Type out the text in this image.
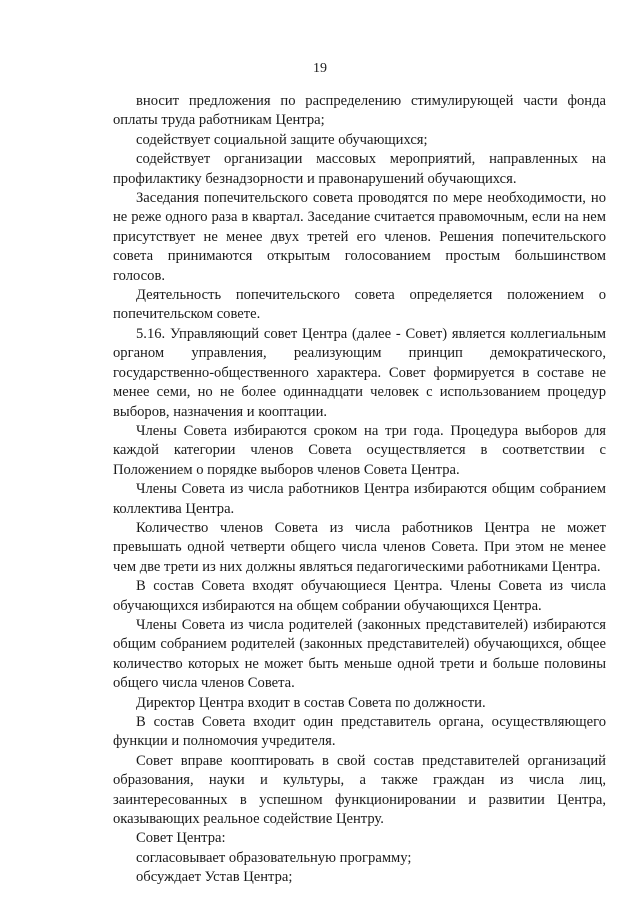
19

вносит предложения по распределению стимулирующей части фонда оплаты труда работникам Центра;

содействует социальной защите обучающихся;

содействует организации массовых мероприятий, направленных на профилактику безнадзорности и правонарушений обучающихся.

Заседания попечительского совета проводятся по мере необходимости, но не реже одного раза в квартал. Заседание считается правомочным, если на нем присутствует не менее двух третей его членов. Решения попечительского совета принимаются открытым голосованием простым большинством голосов.

Деятельность попечительского совета определяется положением о попечительском совете.

5.16. Управляющий совет Центра (далее - Совет) является коллегиальным органом управления, реализующим принцип демократического, государственно-общественного характера. Совет формируется в составе не менее семи, но не более одиннадцати человек с использованием процедур выборов, назначения и кооптации.

Члены Совета избираются сроком на три года. Процедура выборов для каждой категории членов Совета осуществляется в соответствии с Положением о порядке выборов членов Совета Центра.

Члены Совета из числа работников Центра избираются общим собранием коллектива Центра.

Количество членов Совета из числа работников Центра не может превышать одной четверти общего числа членов Совета. При этом не менее чем две трети из них должны являться педагогическими работниками Центра.

В состав Совета входят обучающиеся Центра. Члены Совета из числа обучающихся избираются на общем собрании обучающихся Центра.

Члены Совета из числа родителей (законных представителей) избираются общим собранием родителей (законных представителей) обучающихся, общее количество которых не может быть меньше одной трети и больше половины общего числа членов Совета.

Директор Центра входит в состав Совета по должности.

В состав Совета входит один представитель органа, осуществляющего функции и полномочия учредителя.

Совет вправе кооптировать в свой состав представителей организаций образования, науки и культуры, а также граждан из числа лиц, заинтересованных в успешном функционировании и развитии Центра, оказывающих реальное содействие Центру.

Совет Центра:

согласовывает образовательную программу;

обсуждает Устав Центра;
